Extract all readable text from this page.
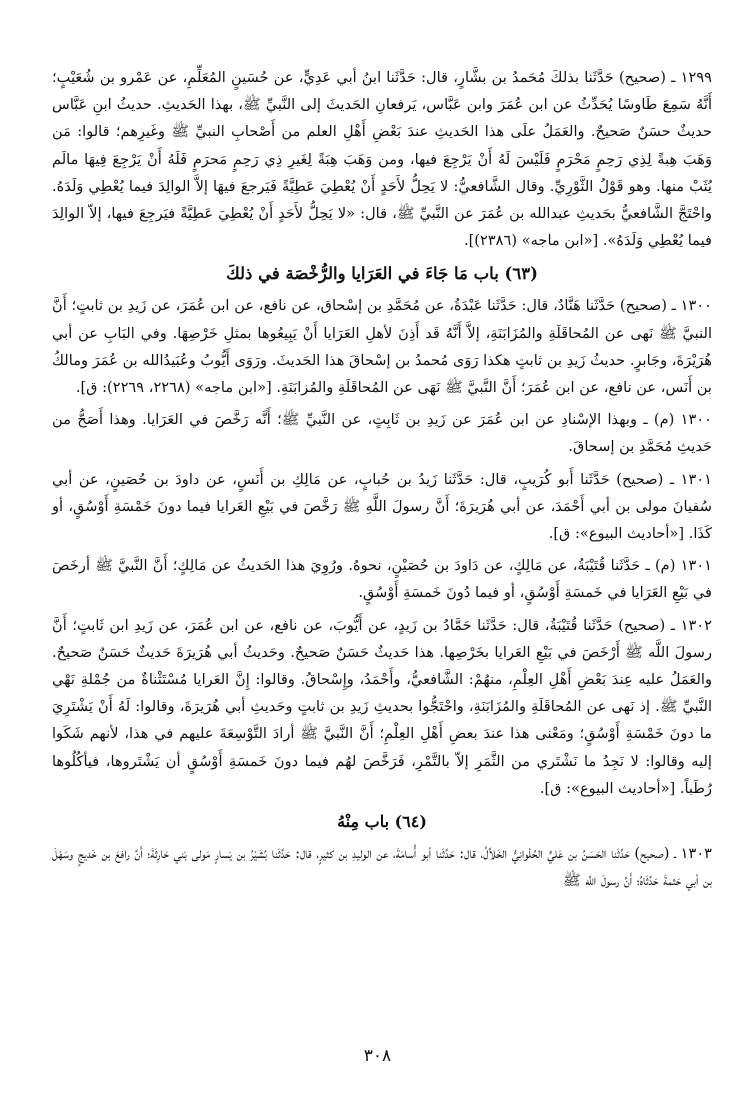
١٢٩٩ ـ (صحيح) حَدَّثَنا بذلكَ مُحَمدُ بن بشَّارٍ، قال: حَدَّثَنا ابنُ أبي عَدِيٍّ، عن حُسَينٍ المُعَلِّمِ، عن عَمْرو بن شُعَيْبٍ؛ أَنَّهُ سَمِعَ طَاوسًا يُحَدِّثُ عن ابن عُمَرَ وابن عَبَّاس، يَرفعانِ الحَديثَ إلى النَّبيِّ ﷺ، بهذا الحَديثِ. حديثُ ابنِ عَبَّاس حديثٌ حسَنٌ صَحيحٌ. والعَمَلُ علَى هذا الحَديثِ عندَ بَعْضِ أَهْلِ العلم من أَصْحابِ النبيِّ ﷺ وغَيرِهم؛ قالوا: مَن وَهَبَ هِبةً لِذِي رَحِمٍ مَحْرَمٍ فَلَيْسَ لَهُ أَنْ يَرْجِعَ فيها، ومن وَهَبَ هِبَةً لِغَيرِ ذِي رَحِمٍ مَحرَمٍ فَلَهُ أَنْ يَرْجِعَ فِيهَا مالَم يُثَبْ منها. وهو قَوْلُ الثَّوْرِيِّ. وقال الشَّافعيُّ: لا يَحِلُّ لأَحَدٍ أَنْ يُعْطِيَ عَطِيَّةً فَيَرجعَ فيهَا إلاَّ الوالِدَ فيما يُعْطِي وَلَدَهُ. واحْتَجَّ الشَّافعيُّ بحَديثِ عبدالله بن عُمَرَ عن النَّبيِّ ﷺ، قال: «لا يَحِلُّ لأَحَدٍ أَنْ يُعْطِيَ عَطِيَّةً فيَرجِعَ فيها، إلاّ الوالِدَ فيما يُعْطِي وَلَدَهُ». [«ابن ماجه» (٢٣٨٦)].

(٦٣) باب مَا جَاءَ في العَرَايا والرُّخْصَة في ذلكَ

١٣٠٠ ـ (صحيح) حَدَّثَنا هَنَّادٌ، قال: حَدَّثَنا عَبْدَةُ، عن مُحَمَّدِ بن إسْحاق، عن نافع، عن ابن عُمَرَ، عن زَيدِ بن ثابتٍ؛ أَنَّ النبيَّ ﷺ نَهى عن المُحاقَلَةِ والمُزَابَنَةِ، إلاَّ أَنَّهُ قَد أَذِنَ لأهلِ العَرَايا أَنْ يَبِيعُوها بمثلِ خَرْصِهَا. وفي البَابِ عن أبي هُرَيْرَةَ، وجَابرٍ. حديثُ زَيدِ بن ثابتٍ هكذا رَوَى مُحمدُ بن إسْحاقَ هذا الحَديثَ. ورَوَى أَيُّوبُ وعُبَيدُالله بن عُمَرَ ومالكُ بن أَنَس، عن نافع، عن ابن عُمَرَ؛ أَنَّ النَّبيَّ ﷺ نَهَى عن المُحاقَلَةِ والمُزابَنَةِ. [«ابن ماجه» (٢٢٦٨، ٢٢٦٩): ق].

١٣٠٠ (م) ـ وبهذا الإسْنادِ عن ابن عُمَرَ عن زَيدِ بن ثَابِتٍ، عن النَّبيِّ ﷺ؛ أَنَّه رَخَّصَ في العَرَايا. وهذا أَصَحُّ من حَديثِ مُحَمَّدِ بن إسحاقَ.

١٣٠١ ـ (صحيح) حَدَّثَنا أَبو كُرَيبٍ، قال: حَدَّثَنا زَيدُ بن حُبابٍ، عن مَالِكِ بن أَنَسٍ، عن داودَ بن حُصَينٍ، عن أبي سُفيانَ مولى بن أبي أَحْمَدَ، عن أبي هُرَيرَةَ؛ أَنَّ رسولَ اللَّهِ ﷺ رَخَّصَ في بَيْعِ العَرايا فيما دونَ خَمْسَةِ أَوْسُقٍ، أو كَذَا. [«أحاديث البيوع»: ق].

١٣٠١ (م) ـ حَدَّثَنا قُتَيْبَةُ، عن مَالِكٍ، عن دَاودَ بن حُصَيْنٍ، نحوهُ. ورُوِيَ هذا الحَديثُ عن مَالِكٍ؛ أَنَّ النَّبيَّ ﷺ أرخَصَ في بَيْعِ العَرَايا في خَمسَةِ أَوْسُقٍ، أو فيما دُونَ خَمسَةِ أَوْسُقٍ.

١٣٠٢ ـ (صحيح) حَدَّثَنا قُتَيْبَةُ، قال: حَدَّثَنا حَمَّادُ بن زَيدٍ، عن أَيُّوبَ، عن نافع، عن ابن عُمَرَ، عن زَيدِ ابن ثَابتٍ؛ أَنَّ رسولَ اللَّه ﷺ أَرْخَصَ في بَيْعِ العَرايا بخَرْصِها. هذا حَديثٌ حَسَنٌ صَحيحٌ. وحَديثُ أبي هُرَيرَةَ حَديثٌ حَسَنٌ صَحيحٌ. والعَمَلُ عليه عِندَ بَعْضِ أَهْلِ العِلْمِ، منهُمْ: الشَّافعيُّ، وأَحْمَدُ، وإِسْحاقُ. وقالوا: إِنَّ العَرايا مُسْتَثْناةٌ من جُمْلةِ نَهْي النَّبيِّ ﷺ. إذ نَهى عن المُحاقَلَةِ والمُزَابَنَةِ، واحْتَجُّوا بحديثِ زَيدِ بن ثابتٍ وحَديثِ أبي هُرَيرَةَ، وقالوا: لَهُ أَنْ يَشْتَرِيَ ما دونَ خَمْسَةِ أَوْسُقٍ؛ ومَعْنى هذا عندَ بعضِ أَهْلِ العِلْمِ؛ أَنَّ النَّبيَّ ﷺ أرادَ التَّوْسِعَةَ عليهم في هذا، لأنهم شَكَوا إليه وقالوا: لا نَجِدُ ما نَشْتَري من الثَّمَرِ إلاّ بالتَّمْرِ، فَرَخَّصَ لهُم فيما دونَ خَمسَةِ أَوْسُقٍ أن يَشْتَروها، فيأكُلُوها رُطَباً. [«أحاديث البيوع»: ق].

(٦٤) باب مِنْهُ

١٣٠٣ ـ (صحيح) حَدَّثَنا الحَسَنُ بن عَليٍّ الحُلْوانِيُّ الخَلاَّلُ، قال: حَدَّثَنا أبو أُسامَةَ، عن الوليدِ بن كثيرٍ، قال: حَدَّثَنا بُشَيْرُ بن يَسارٍ مَولى بَني حَارِثَةَ؛ أَنَّ رافعَ بن خَديجٍ وسَهْلَ بن أبي حَثمةَ حَدَّثَاهُ؛ أَنَّ رسولَ اللَّه ﷺ

٣٠٨
